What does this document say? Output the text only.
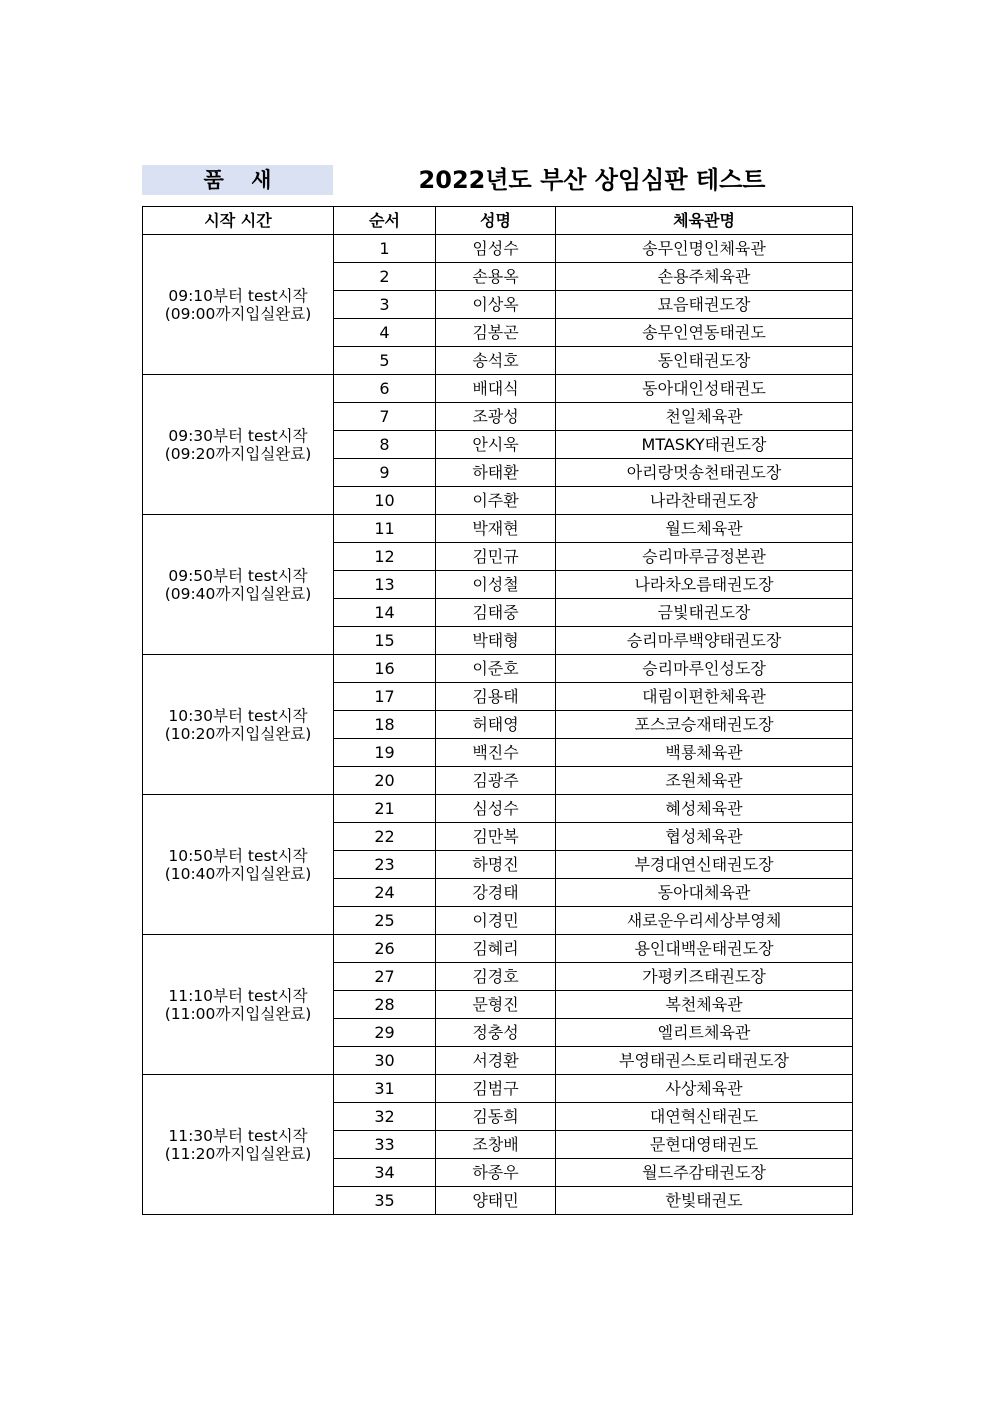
품 새	2022년도 부산 상임심판 테스트
시작 시간	순서	성명	체육관명

09:10부터 test시작
(09:00까지입실완료)	1	임성수	송무인명인체육관
	2	손용옥	손용주체육관
	3	이상옥	묘음태권도장
	4	김봉곤	송무인연동태권도
	5	송석호	동인태권도장

09:30부터 test시작
(09:20까지입실완료)	6	배대식	동아대인성태권도
	7	조광성	천일체육관
	8	안시욱	MTASKY태권도장
	9	하태환	아리랑멋송천태권도장
	10	이주환	나라찬태권도장

09:50부터 test시작
(09:40까지입실완료)	11	박재현	월드체육관
	12	김민규	승리마루금정본관
	13	이성철	나라차오름태권도장
	14	김태중	금빛태권도장
	15	박태형	승리마루백양태권도장

10:30부터 test시작
(10:20까지입실완료)	16	이준호	승리마루인성도장
	17	김용태	대림이편한체육관
	18	허태영	포스코승재태권도장
	19	백진수	백룡체육관
	20	김광주	조원체육관

10:50부터 test시작
(10:40까지입실완료)	21	심성수	혜성체육관
	22	김만복	협성체육관
	23	하명진	부경대연신태권도장
	24	강경태	동아대체육관
	25	이경민	새로운우리세상부영체

11:10부터 test시작
(11:00까지입실완료)	26	김혜리	용인대백운태권도장
	27	김경호	가평키즈태권도장
	28	문형진	복천체육관
	29	정충성	엘리트체육관
	30	서경환	부영태권스토리태권도장

11:30부터 test시작
(11:20까지입실완료)	31	김범구	사상체육관
	32	김동희	대연혁신태권도
	33	조창배	문현대영태권도
	34	하종우	월드주감태권도장
	35	양태민	한빛태권도
